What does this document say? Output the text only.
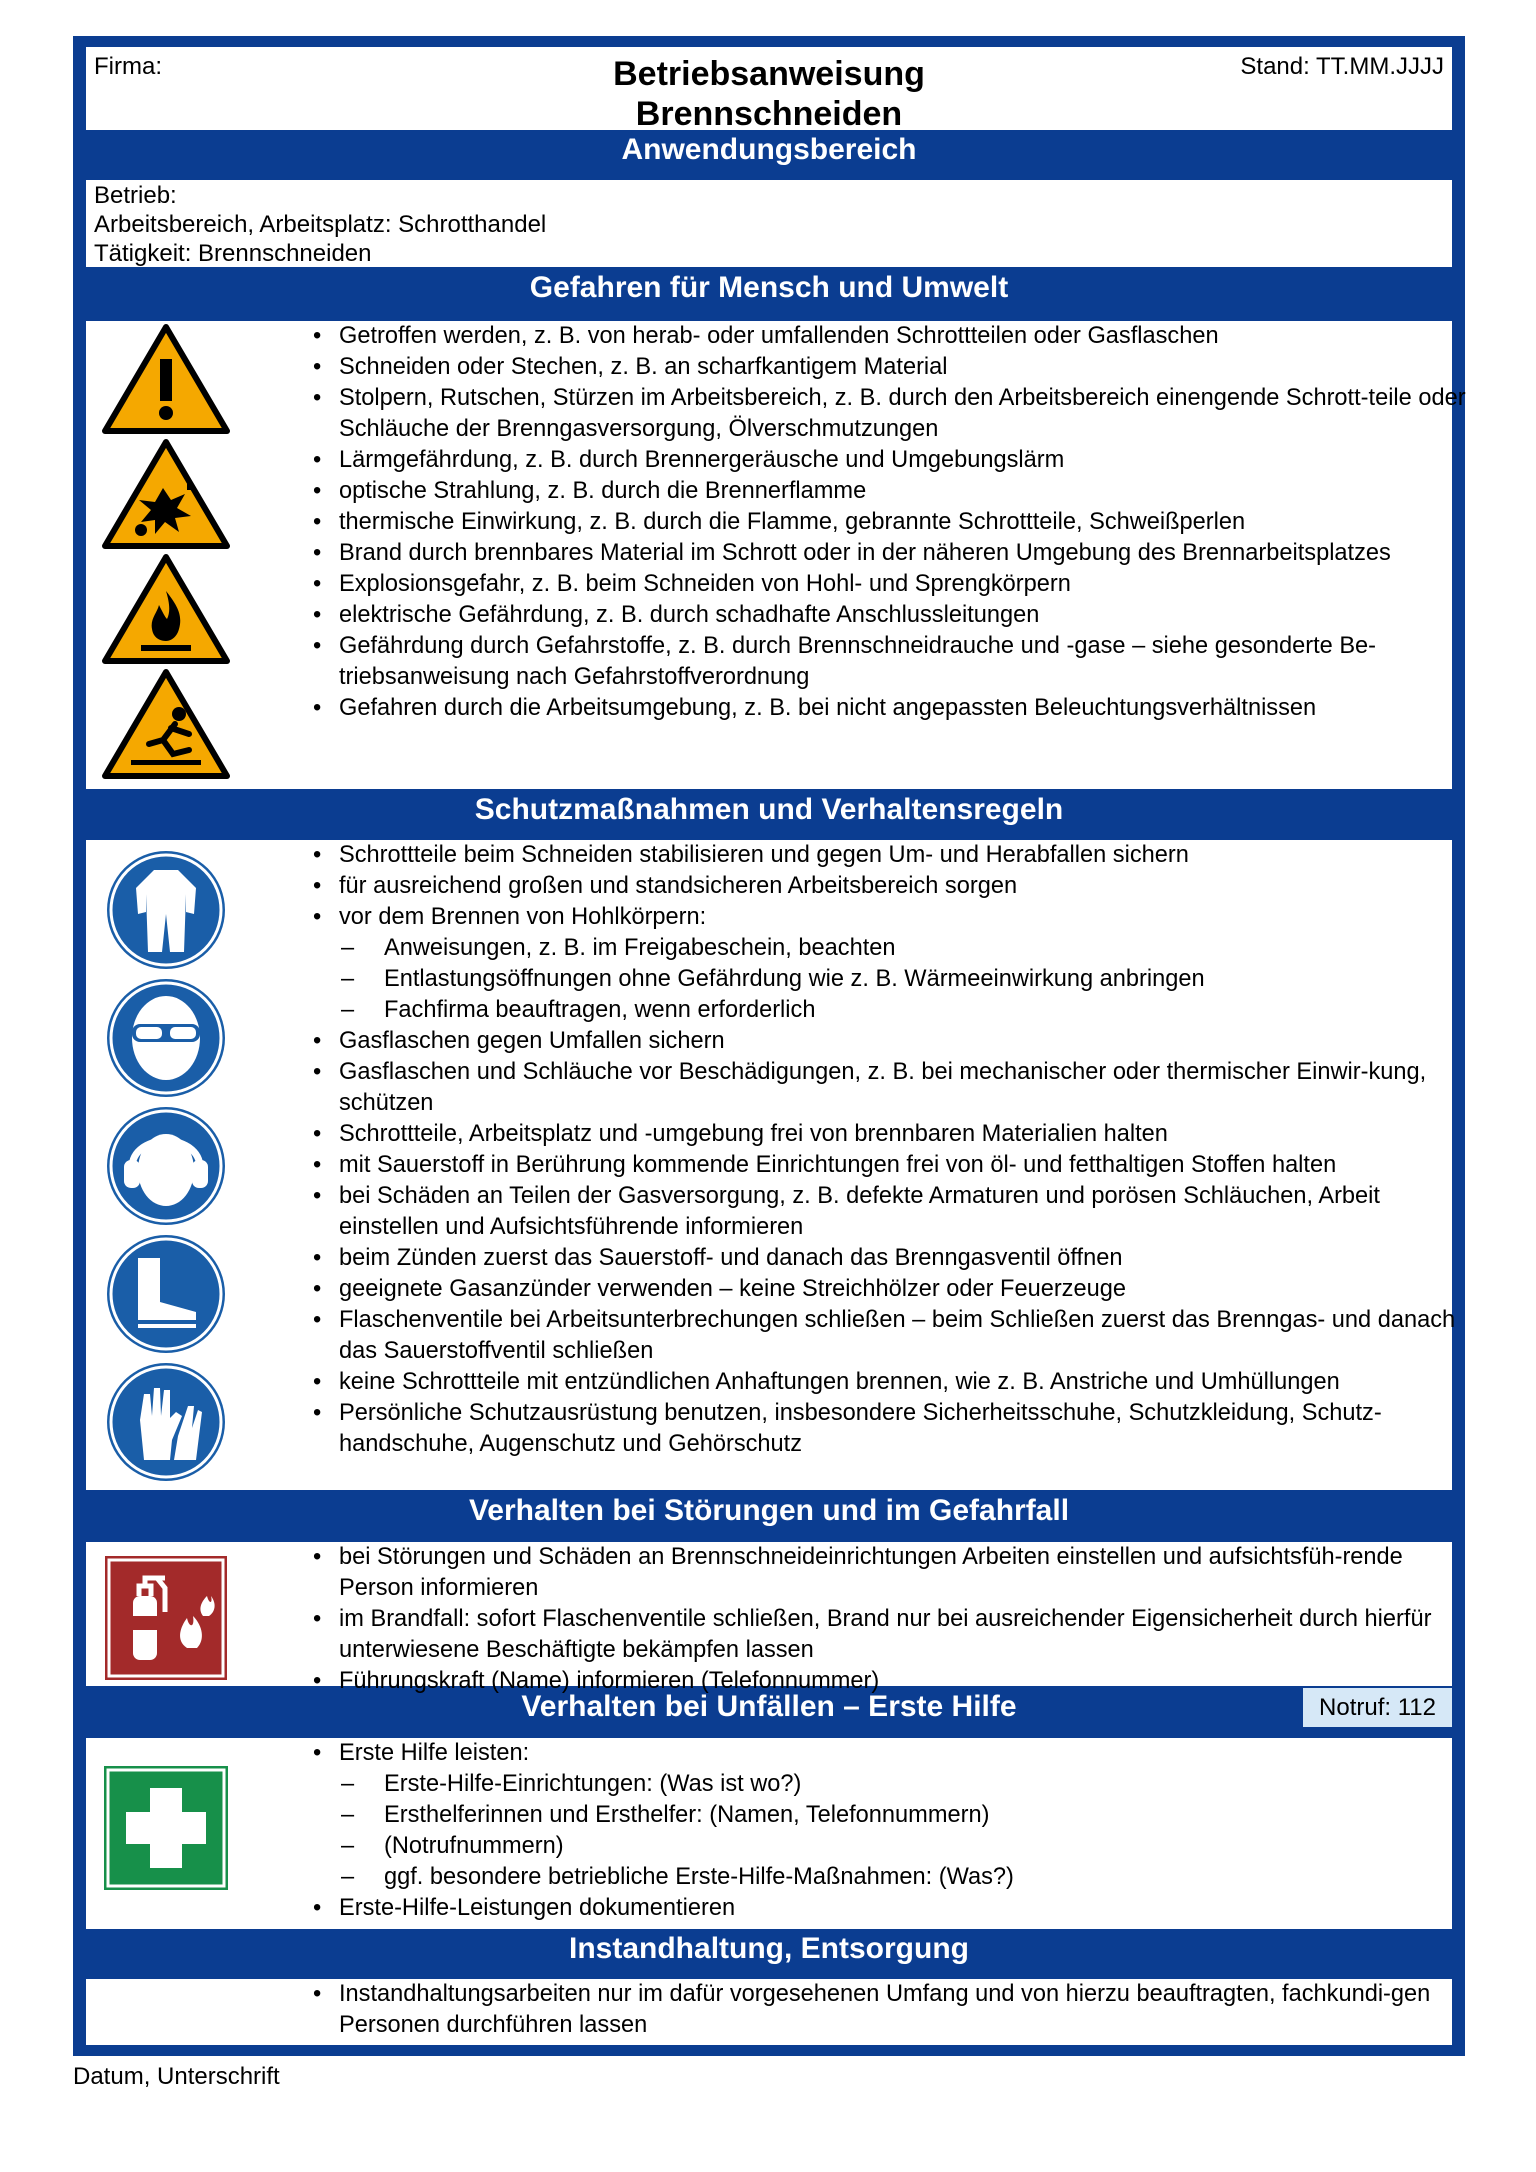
Firma:	Betriebsanweisung
Brennschneiden
Stand: TT.MM.JJJJ
Anwendungsbereich
Betrieb:
Arbeitsbereich, Arbeitsplatz: Schrotthandel
Tätigkeit: Brennschneiden
Gefahren für Mensch und Umwelt
• Getroffen werden, z. B. von herab- oder umfallenden Schrottteilen oder Gasflaschen
• Schneiden oder Stechen, z. B. an scharfkantigem Material
• Stolpern, Rutschen, Stürzen im Arbeitsbereich, z. B. durch den Arbeitsbereich einengende Schrott-teile oder Schläuche der Brenngasversorgung, Ölverschmutzungen
• Lärmgefährdung, z. B. durch Brennergeräusche und Umgebungslärm
• optische Strahlung, z. B. durch die Brennerflamme
• thermische Einwirkung, z. B. durch die Flamme, gebrannte Schrottteile, Schweißperlen
• Brand durch brennbares Material im Schrott oder in der näheren Umgebung des Brennarbeitsplatzes
• Explosionsgefahr, z. B. beim Schneiden von Hohl- und Sprengkörpern
• elektrische Gefährdung, z. B. durch schadhafte Anschlussleitungen
• Gefährdung durch Gefahrstoffe, z. B. durch Brennschneidrauche und -gase – siehe gesonderte Be-triebsanweisung nach Gefahrstoffverordnung
• Gefahren durch die Arbeitsumgebung, z. B. bei nicht angepassten Beleuchtungsverhältnissen
Schutzmaßnahmen und Verhaltensregeln
• Schrottteile beim Schneiden stabilisieren und gegen Um- und Herabfallen sichern
• für ausreichend großen und standsicheren Arbeitsbereich sorgen
• vor dem Brennen von Hohlkörpern:
– Anweisungen, z. B. im Freigabeschein, beachten
– Entlastungsöffnungen ohne Gefährdung wie z. B. Wärmeeinwirkung anbringen
– Fachfirma beauftragen, wenn erforderlich
• Gasflaschen gegen Umfallen sichern
• Gasflaschen und Schläuche vor Beschädigungen, z. B. bei mechanischer oder thermischer Einwir-kung, schützen
• Schrottteile, Arbeitsplatz und -umgebung frei von brennbaren Materialien halten
• mit Sauerstoff in Berührung kommende Einrichtungen frei von öl- und fetthaltigen Stoffen halten
• bei Schäden an Teilen der Gasversorgung, z. B. defekte Armaturen und porösen Schläuchen, Arbeit einstellen und Aufsichtsführende informieren
• beim Zünden zuerst das Sauerstoff- und danach das Brenngasventil öffnen
• geeignete Gasanzünder verwenden – keine Streichhölzer oder Feuerzeuge
• Flaschenventile bei Arbeitsunterbrechungen schließen – beim Schließen zuerst das Brenngas- und danach das Sauerstoffventil schließen
• keine Schrottteile mit entzündlichen Anhaftungen brennen, wie z. B. Anstriche und Umhüllungen
• Persönliche Schutzausrüstung benutzen, insbesondere Sicherheitsschuhe, Schutzkleidung, Schutz-handschuhe, Augenschutz und Gehörschutz
Verhalten bei Störungen und im Gefahrfall
• bei Störungen und Schäden an Brennschneideinrichtungen Arbeiten einstellen und aufsichtsfüh-rende Person informieren
• im Brandfall: sofort Flaschenventile schließen, Brand nur bei ausreichender Eigensicherheit durch hierfür unterwiesene Beschäftigte bekämpfen lassen
• Führungskraft (Name) informieren (Telefonnummer)
Verhalten bei Unfällen – Erste Hilfe	Notruf: 112
• Erste Hilfe leisten:
– Erste-Hilfe-Einrichtungen: (Was ist wo?)
– Ersthelferinnen und Ersthelfer: (Namen, Telefonnummern)
– (Notrufnummern)
– ggf. besondere betriebliche Erste-Hilfe-Maßnahmen: (Was?)
• Erste-Hilfe-Leistungen dokumentieren
Instandhaltung, Entsorgung
• Instandhaltungsarbeiten nur im dafür vorgesehenen Umfang und von hierzu beauftragten, fachkundi-gen Personen durchführen lassen
Datum, Unterschrift
